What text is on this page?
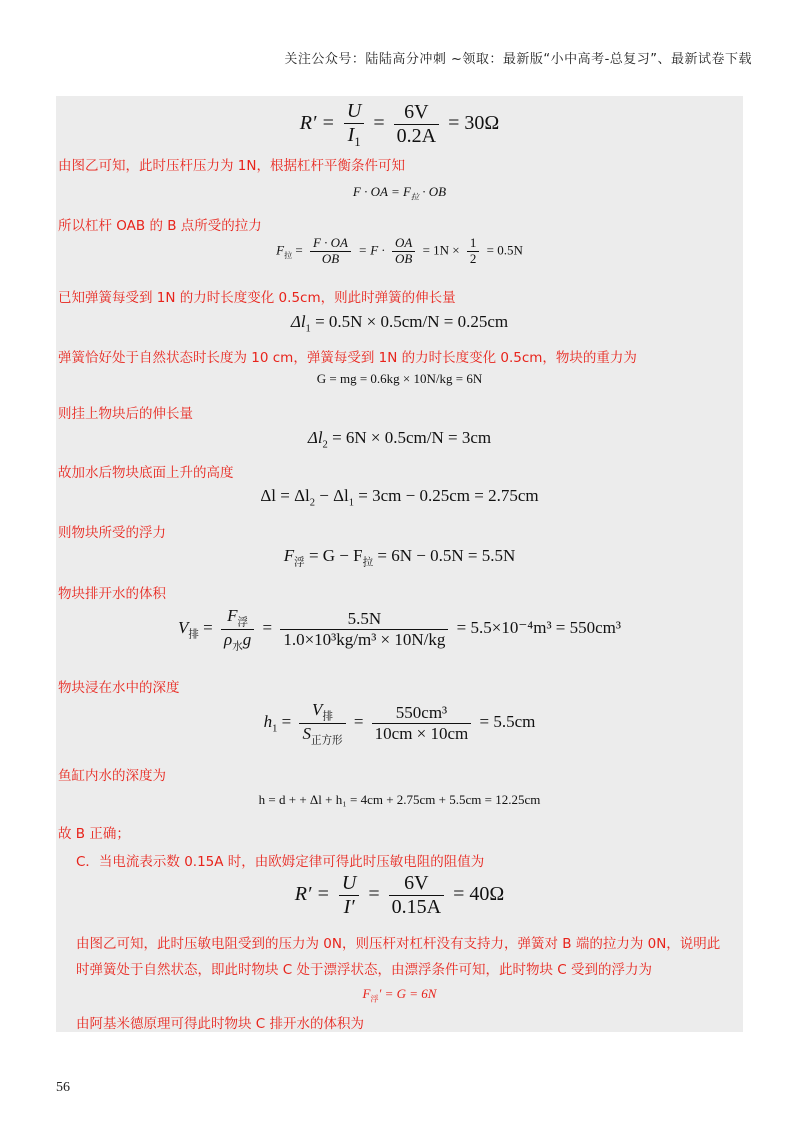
关注公众号：陆陆高分冲刺 ~领取：最新版“小中高考-总复习”、最新试卷下载
$R' = \frac{U}{I_1} = \frac{6V}{0.2A} = 30\Omega$
由图乙可知，此时压杆压力为 1N，根据杠杆平衡条件可知
F · OA = $F_拉$ · OB
所以杠杆 OAB 的 B 点所受的拉力
$F_拉 = \frac{F \cdot OA}{OB} = F \cdot \frac{OA}{OB} = 1N \times \frac{1}{2} = 0.5N$
已知弹簧每受到 1N 的力时长度变化 0.5cm，则此时弹簧的伸长量
$\Delta l_1 = 0.5N \times 0.5cm/N = 0.25cm$
弹簧恰好处于自然状态时长度为 10 cm，弹簧每受到 1N 的力时长度变化 0.5cm，物块的重力为
G = mg = 0.6kg × 10N/kg = 6N
则挂上物块后的伸长量
$\Delta l_2 = 6N \times 0.5cm/N = 3cm$
故加水后物块底面上升的高度
$\Delta l = \Delta l_2 - \Delta l_1 = 3cm - 0.25cm = 2.75cm$
则物块所受的浮力
$F_浮 = G - F_拉 = 6N - 0.5N = 5.5N$
物块排开水的体积
$V_排 = \frac{F_浮}{\rho_水g} = \frac{5.5N}{\text{1.0×10³kg/m³ × 10N/kg}} = 5.5\times 10^{-4}m^3 = 550cm^3$
物块浸在水中的深度
$h_1 = \frac{V_排}{S_{正方形}} = \frac{\text{550cm³}}{10cm \times 10cm} = 5.5cm$
鱼缸内水的深度为
h = d + + Δl + h₁ = 4cm + 2.75cm + 5.5cm = 12.25cm
故 B 正确；
C．当电流表示数 0.15A 时，由欧姆定律可得此时压敏电阻的阻值为
$R' = \frac{U}{I'} = \frac{6V}{0.15A} = 40\Omega$
由图乙可知，此时压敏电阻受到的压力为 0N，则压杆对杠杆没有支持力，弹簧对 B 端的拉力为 0N，说明此
时弹簧处于自然状态，即此时物块 C 处于漂浮状态，由漂浮条件可知，此时物块 C 受到的浮力为
$F_浮' = G = 6N$
由阿基米德原理可得此时物块 C 排开水的体积为
56
